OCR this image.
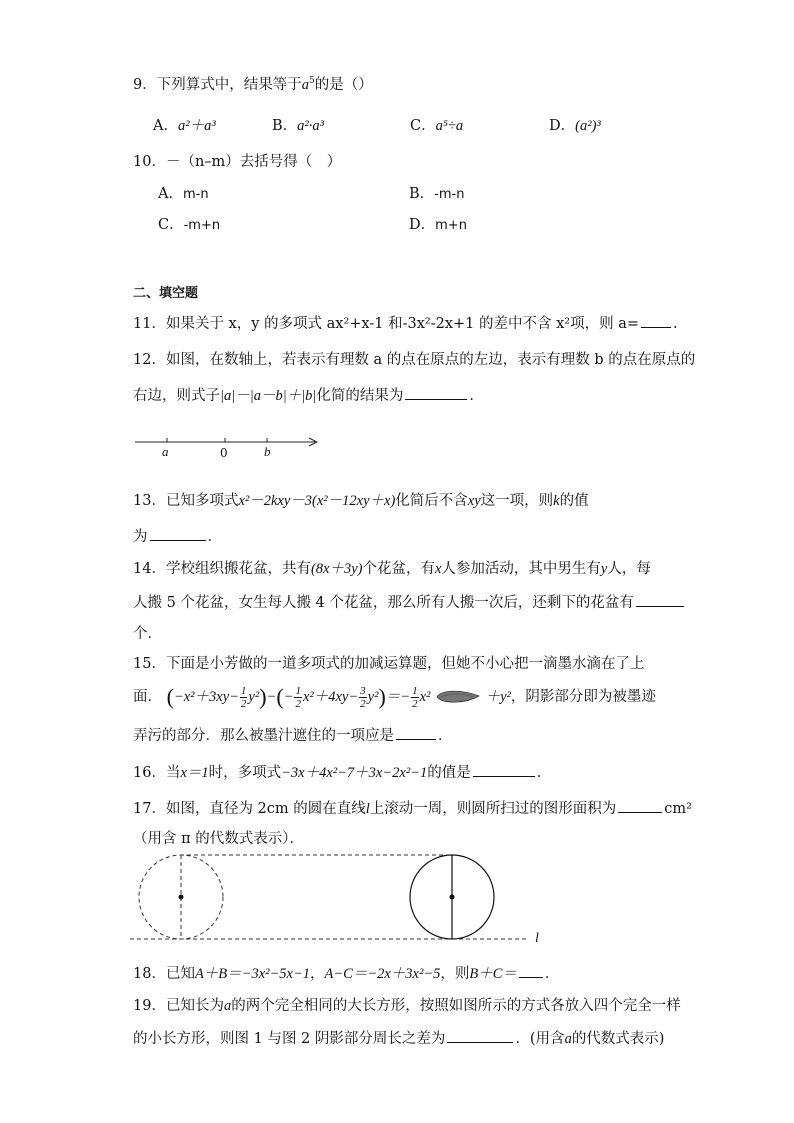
9．下列算式中，结果等于$a^5$的是（）
A．a²＋a³	B．a²·a³	C．a⁵÷a	D．(a²)³
10．－（n–m）去括号得（　）
A．m-n	B．-m-n
C．-m+n	D．m+n
二、填空题
11．如果关于 x，y 的多项式 ax²+x-1 和-3x²-2x+1 的差中不含 x²项，则 a= .
12．如图，在数轴上，若表示有理数 a 的点在原点的左边，表示有理数 b 的点在原点的
右边，则式子|a|－|a－b|＋|b|化简的结果为	．
a	0	b
13．已知多项式x²－2kxy－3(x²－12xy＋x)化简后不含xy这一项，则k的值
为	．
14．学校组织搬花盆，共有(8x＋3y)个花盆，有x人参加活动，其中男生有y人，每
人搬 5 个花盆，女生每人搬 4 个花盆，那么所有人搬一次后，还剩下的花盆有
个．
15．下面是小芳做的一道多项式的加减运算题，但她不小心把一滴墨水滴在了上
面． $(-x^2+3xy- \frac{1}{2} y^2)-(- \frac{1}{2} x^2+4xy- \frac{3}{2} y^2)=- \frac{1}{2} x^2$	＋y²，阴影部分即为被墨迹
弄污的部分．那么被墨汁遮住的一项应是	．
16．当x＝1时，多项式−3x＋4x²−7＋3x−2x²−1的值是	．
17．如图，直径为 2cm 的圆在直线l上滚动一周，则圆所扫过的图形面积为	cm²
（用含 π 的代数式表示）．
l
18．已知A＋B＝−3x²−5x−1，A−C＝−2x＋3x²−5，则B＋C＝ ．
19．已知长为a的两个完全相同的大长方形，按照如图所示的方式各放入四个完全一样
的小长方形，则图 1 与图 2 阴影部分周长之差为	．(用含a的代数式表示)
